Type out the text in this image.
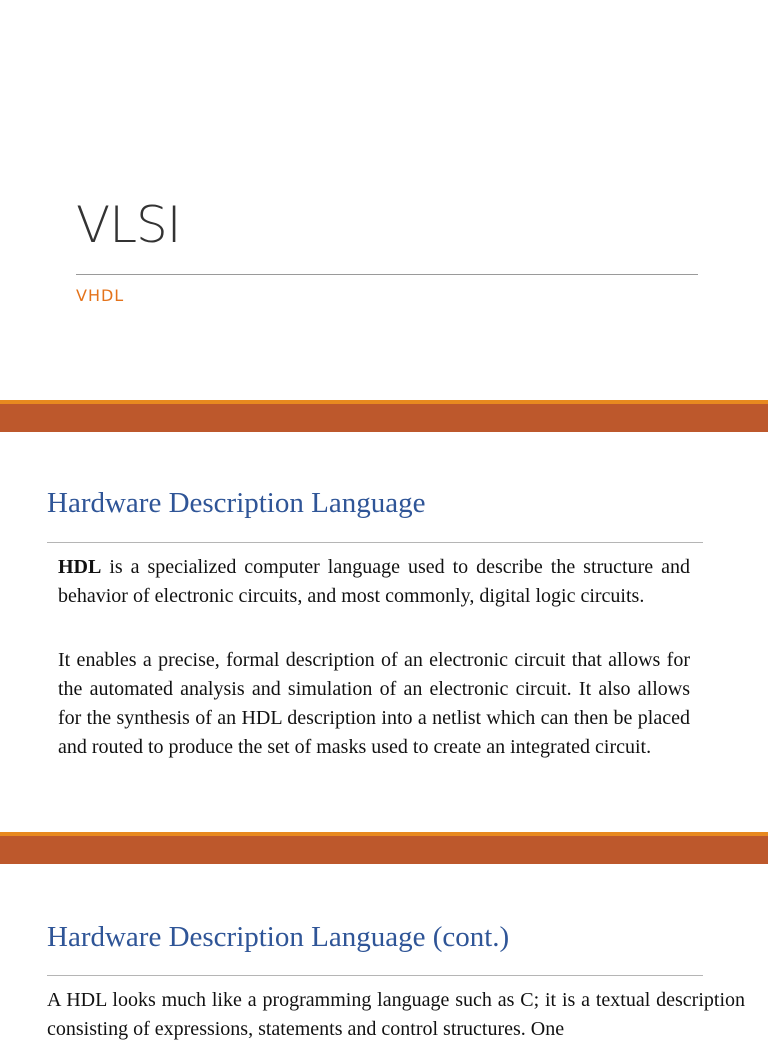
VLSI

VHDL

Hardware Description Language

HDL is a specialized computer language used to describe the structure and behavior of electronic circuits, and most commonly, digital logic circuits.

It enables a precise, formal description of an electronic circuit that allows for the automated analysis and simulation of an electronic circuit. It also allows for the synthesis of an HDL description into a netlist which can then be placed and routed to produce the set of masks used to create an integrated circuit.

Hardware Description Language (cont.)

A HDL looks much like a programming language such as C; it is a textual description consisting of expressions, statements and control structures. One
